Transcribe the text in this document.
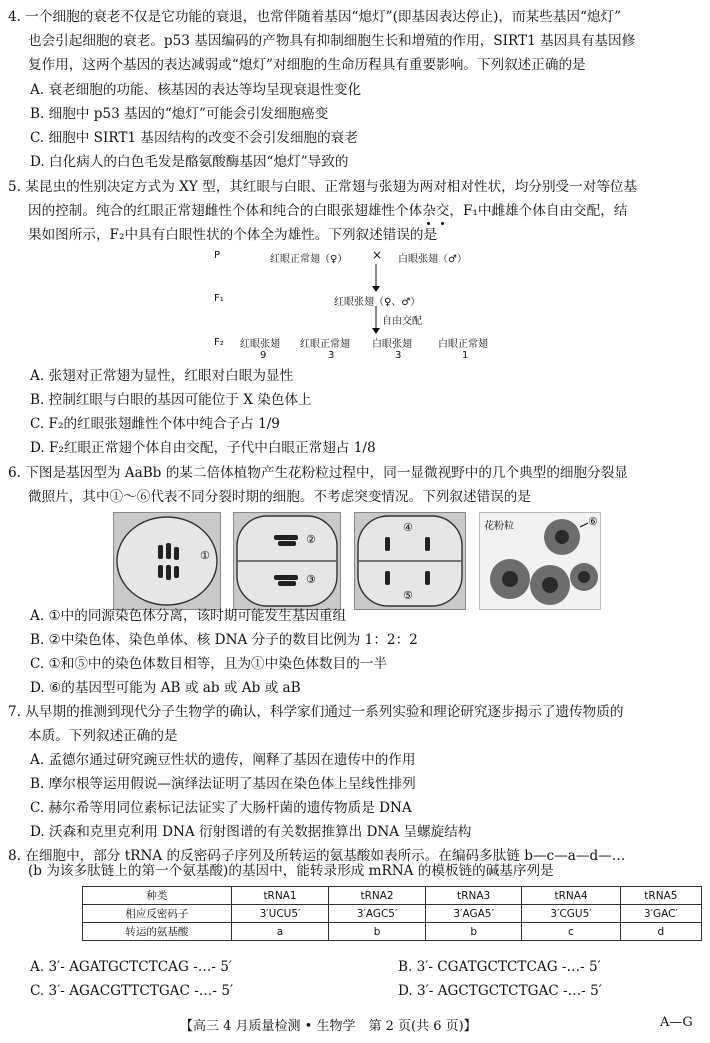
4. 一个细胞的衰老不仅是它功能的衰退，也常伴随着基因“熄灯”(即基因表达停止)，而某些基因“熄灯”
也会引起细胞的衰老。p53 基因编码的产物具有抑制细胞生长和增殖的作用，SIRT1 基因具有基因修
复作用，这两个基因的表达减弱或“熄灯”对细胞的生命历程具有重要影响。下列叙述正确的是
A. 衰老细胞的功能、核基因的表达等均呈现衰退性变化
B. 细胞中 p53 基因的“熄灯”可能会引发细胞癌变
C. 细胞中 SIRT1 基因结构的改变不会引发细胞的衰老
D. 白化病人的白色毛发是酪氨酸酶基因“熄灯”导致的
5. 某昆虫的性别决定方式为 XY 型，其红眼与白眼、正常翅与张翅为两对相对性状，均分别受一对等位基
因的控制。纯合的红眼正常翅雌性个体和纯合的白眼张翅雄性个体杂交，F₁中雌雄个体自由交配，结
果如图所示，F₂中具有白眼性状的个体全为雄性。下列叙述错误的是
P	红眼正常翅（♀） × 白眼张翅（♂）
F₁	红眼张翅（♀、♂）
自由交配
F₂ 红眼张翅
9
红眼正常翅
3
白眼张翅
3
白眼正常翅
1
A. 张翅对正常翅为显性，红眼对白眼为显性
B. 控制红眼与白眼的基因可能位于 X 染色体上
C. F₂的红眼张翅雌性个体中纯合子占 1/9
D. F₂红眼正常翅个体自由交配，子代中白眼正常翅占 1/8
6. 下图是基因型为 AaBb 的某二倍体植物产生花粉粒过程中，同一显微视野中的几个典型的细胞分裂显
微照片，其中①～⑥代表不同分裂时期的细胞。不考虑突变情况。下列叙述错误的是
①
②
③
④
⑤
花粉粒	⑥
A. ①中的同源染色体分离，该时期可能发生基因重组
B. ②中染色体、染色单体、核 DNA 分子的数目比例为 1：2：2
C. ①和⑤中的染色体数目相等，且为①中染色体数目的一半
D. ⑥的基因型可能为 AB 或 ab 或 Ab 或 aB
7. 从早期的推测到现代分子生物学的确认，科学家们通过一系列实验和理论研究逐步揭示了遗传物质的
本质。下列叙述正确的是
A. 孟德尔通过研究豌豆性状的遗传，阐释了基因在遗传中的作用
B. 摩尔根等运用假说—演绎法证明了基因在染色体上呈线性排列
C. 赫尔希等用同位素标记法证实了大肠杆菌的遗传物质是 DNA
D. 沃森和克里克利用 DNA 衍射图谱的有关数据推算出 DNA 呈螺旋结构
8. 在细胞中，部分 tRNA 的反密码子序列及所转运的氨基酸如表所示。在编码多肽链 b—c—a—d—…
(b 为该多肽链上的第一个氨基酸)的基因中，能转录形成 mRNA 的模板链的碱基序列是
种类	tRNA1	tRNA2	tRNA3	tRNA4	tRNA5
相应反密码子	3′UCU5′	3′AGC5′	3′AGA5′	3′CGU5′	3′GAC′
转运的氨基酸	a	b	b	c	d
A. 3′- AGATGCTCTCAG -…- 5′	B. 3′- CGATGCTCTCAG -…- 5′
C. 3′- AGACGTTCTGAC -…- 5′	D. 3′- AGCTGCTCTGAC -…- 5′
【高三 4 月质量检测 • 生物学　第 2 页(共 6 页)】	A—G
